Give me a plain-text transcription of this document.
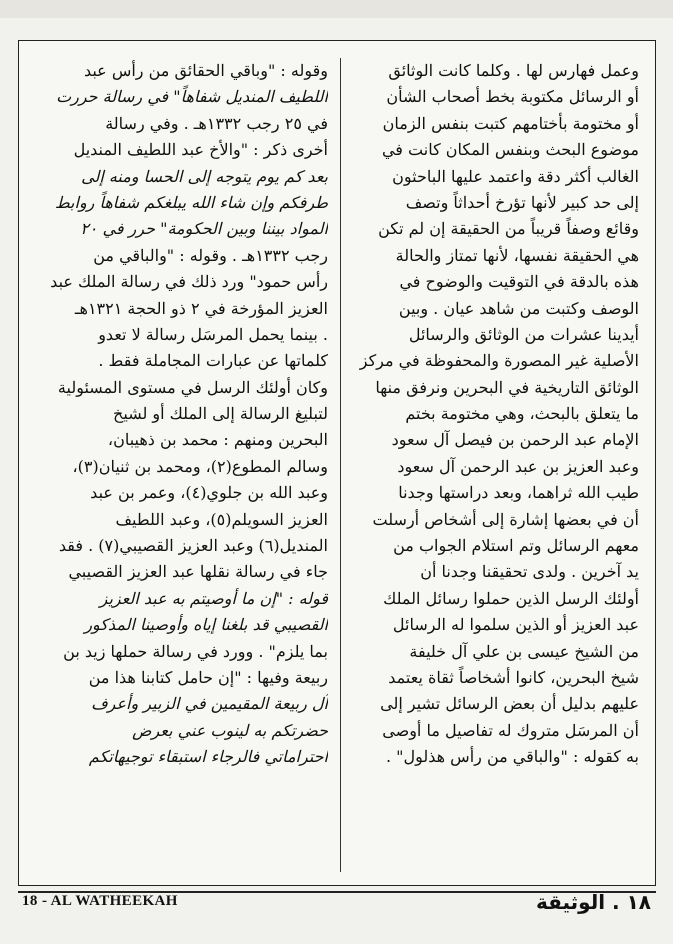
وعمل فهارس لها . وكلما كانت الوثائق
أو الرسائل مكتوبة بخط أصحاب الشأن
أو مختومة بأختامهم كتبت بنفس الزمان
موضوع البحث وبنفس المكان كانت في
الغالب أكثر دقة واعتمد عليها الباحثون
إلى حد كبير لأنها تؤرخ أحداثاً وتصف
وقائع وصفاً قريباً من الحقيقة إن لم تكن
هي الحقيقة نفسها، لأنها تمتاز والحالة
هذه بالدقة في التوقيت والوضوح في
الوصف وكتبت من شاهد عيان . وبين
أيدينا عشرات من الوثائق والرسائل
الأصلية غير المصورة والمحفوظة في مركز
الوثائق التاريخية في البحرين ونرفق منها
ما يتعلق بالبحث، وهي مختومة بختم
الإمام عبد الرحمن بن فيصل آل سعود
وعبد العزيز بن عبد الرحمن آل سعود
طيب الله ثراهما، وبعد دراستها وجدنا
أن في بعضها إشارة إلى أشخاص أرسلت
معهم الرسائل وتم استلام الجواب من
يد آخرين . ولدى تحقيقنا وجدنا أن
أولئك الرسل الذين حملوا رسائل الملك
عبد العزيز أو الذين سلموا له الرسائل
من الشيخ عيسى بن علي آل خليفة
شيخ البحرين، كانوا أشخاصاً ثقاة يعتمد
عليهم بدليل أن بعض الرسائل تشير إلى
أن المرسَل متروك له تفاصيل ما أوصى
به كقوله : "والباقي من رأس هذلول" .
وقوله : "وباقي الحقائق من رأس عبد
اللطيف المنديل شفاهاً" في رسالة حررت
في ٢٥ رجب ١٣٣٢هـ . وفي رسالة
أخرى ذكر : "والأخ عبد اللطيف المنديل
بعد كم يوم يتوجه إلى الحسا ومنه إلى
طرفكم وإن شاء الله يبلغكم شفاهاً روابط
المواد بيننا وبين الحكومة" حرر في ٢٠
رجب ١٣٣٢هـ . وقوله : "والباقي من
رأس حمود" ورد ذلك في رسالة الملك عبد
العزيز المؤرخة في ٢ ذو الحجة ١٣٢١هـ
. بينما يحمل المرسَل رسالة لا تعدو
كلماتها عن عبارات المجاملة فقط .
وكان أولئك الرسل في مستوى المسئولية
لتبليغ الرسالة إلى الملك أو لشيخ
البحرين ومنهم : محمد بن ذهيبان،
وسالم المطوع(٢)، ومحمد بن ثنيان(٣)،
وعبد الله بن جلوي(٤)، وعمر بن عبد
العزيز السويلم(٥)، وعبد اللطيف
المنديل(٦) وعبد العزيز القصيبي(٧) . فقد
جاء في رسالة نقلها عبد العزيز القصيبي
قوله : "إن ما أوصيتم به عبد العزيز
القصيبي قد بلغنا إياه وأوصينا المذكور
بما يلزم" . وورد في رسالة حملها زيد بن
ربيعة وفيها : "إن حامل كتابنا هذا من
آل ربيعة المقيمين في الزبير وأعرف
حضرتكم به لينوب عني بعرض
احتراماتي فالرجاء استبقاء توجيهاتكم
18 - AL WATHEEKAH	١٨ . الوثيقة
